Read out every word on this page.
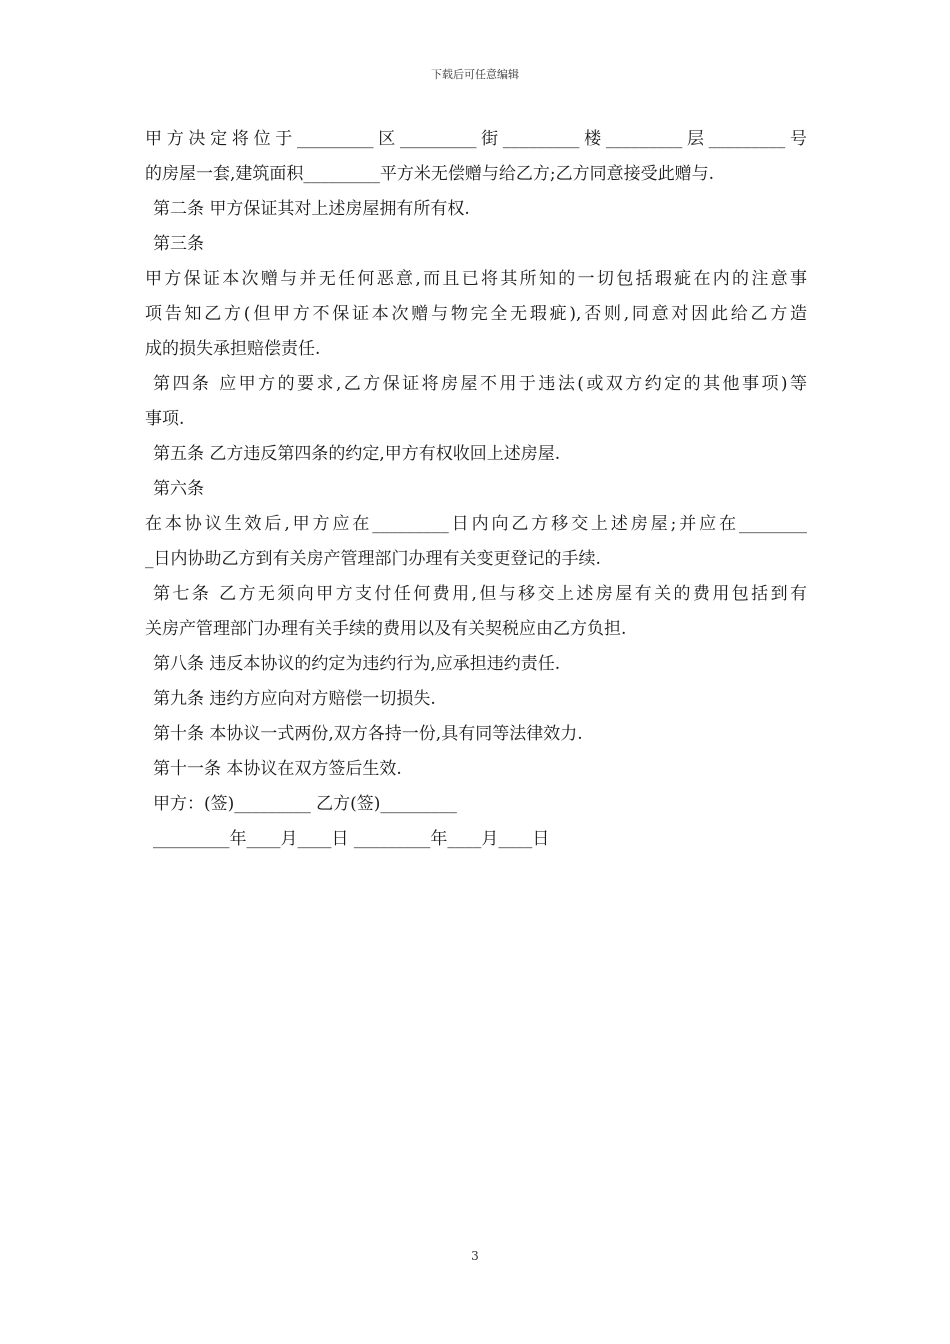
下载后可任意编辑
甲方决定将位于_________区_________街_________楼_________层_________号
的房屋一套,建筑面积_________平方米无偿赠与给乙方;乙方同意接受此赠与.
第二条 甲方保证其对上述房屋拥有所有权.
第三条
甲方保证本次赠与并无任何恶意,而且已将其所知的一切包括瑕疵在内的注意事
项告知乙方(但甲方不保证本次赠与物完全无瑕疵),否则,同意对因此给乙方造
成的损失承担赔偿责任.
第四条 应甲方的要求,乙方保证将房屋不用于违法(或双方约定的其他事项)等
事项.
第五条 乙方违反第四条的约定,甲方有权收回上述房屋.
第六条
在本协议生效后,甲方应在_________日内向乙方移交上述房屋;并应在________
_日内协助乙方到有关房产管理部门办理有关变更登记的手续.
第七条 乙方无须向甲方支付任何费用,但与移交上述房屋有关的费用包括到有
关房产管理部门办理有关手续的费用以及有关契税应由乙方负担.
第八条 违反本协议的约定为违约行为,应承担违约责任.
第九条 违约方应向对方赔偿一切损失.
第十条 本协议一式两份,双方各持一份,具有同等法律效力.
第十一条 本协议在双方签后生效.
甲方：(签)_________ 乙方(签)_________
_________年____月____日 _________年____月____日
3
